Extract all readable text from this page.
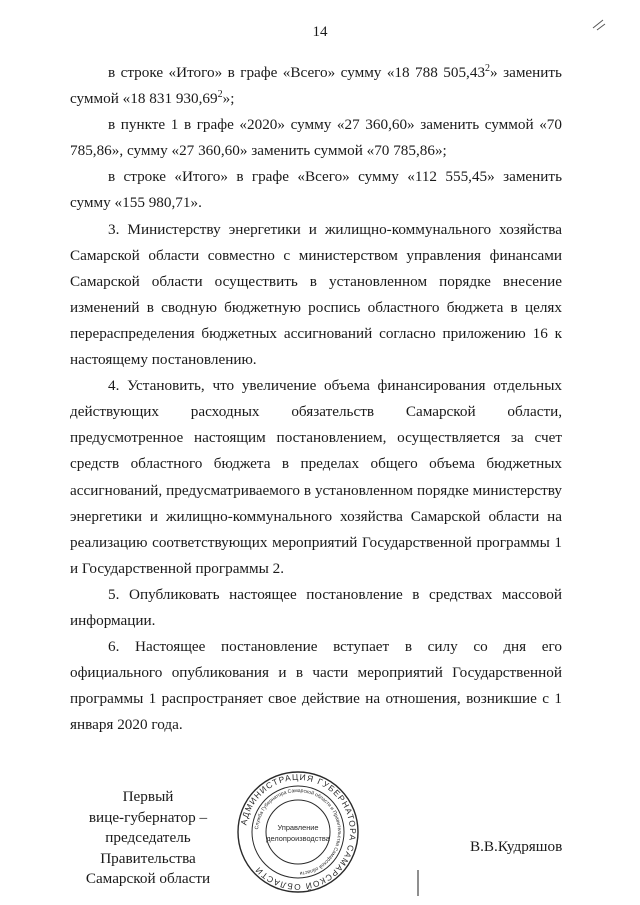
14

в строке «Итого» в графе «Всего» сумму «18 788 505,43$^2$» заменить суммой «18 831 930,69$^2$»;

в пункте 1 в графе «2020» сумму «27 360,60» заменить суммой «70 785,86», сумму «27 360,60» заменить суммой «70 785,86»;

в строке «Итого» в графе «Всего» сумму «112 555,45» заменить сумму «155 980,71».

3. Министерству энергетики и жилищно-коммунального хозяйства Самарской области совместно с министерством управления финансами Самарской области осуществить в установленном порядке внесение изменений в сводную бюджетную роспись областного бюджета в целях перераспределения бюджетных ассигнований согласно приложению 16 к настоящему постановлению.

4. Установить, что увеличение объема финансирования отдельных действующих расходных обязательств Самарской области, предусмотренное настоящим постановлением, осуществляется за счет средств областного бюджета в пределах общего объема бюджетных ассигнований, предусматриваемого в установленном порядке министерству энергетики и жилищно-коммунального хозяйства Самарской области на реализацию соответствующих мероприятий Государственной программы 1 и Государственной программы 2.

5. Опубликовать настоящее постановление в средствах массовой информации.

6. Настоящее постановление вступает в силу со дня его официального опубликования и в части мероприятий Государственной программы 1 распространяет свое действие на отношения, возникшие с 1 января 2020 года.

Первый
вице-губернатор –
председатель Правительства
Самарской области
АДМИНИСТРАЦИЯ ГУБЕРНАТОРА САМАРСКОЙ ОБЛАСТИ
Служба Губернатора Самарской области и Правительства Самарской области
Управление
делопроизводства	В.В.Кудряшов
